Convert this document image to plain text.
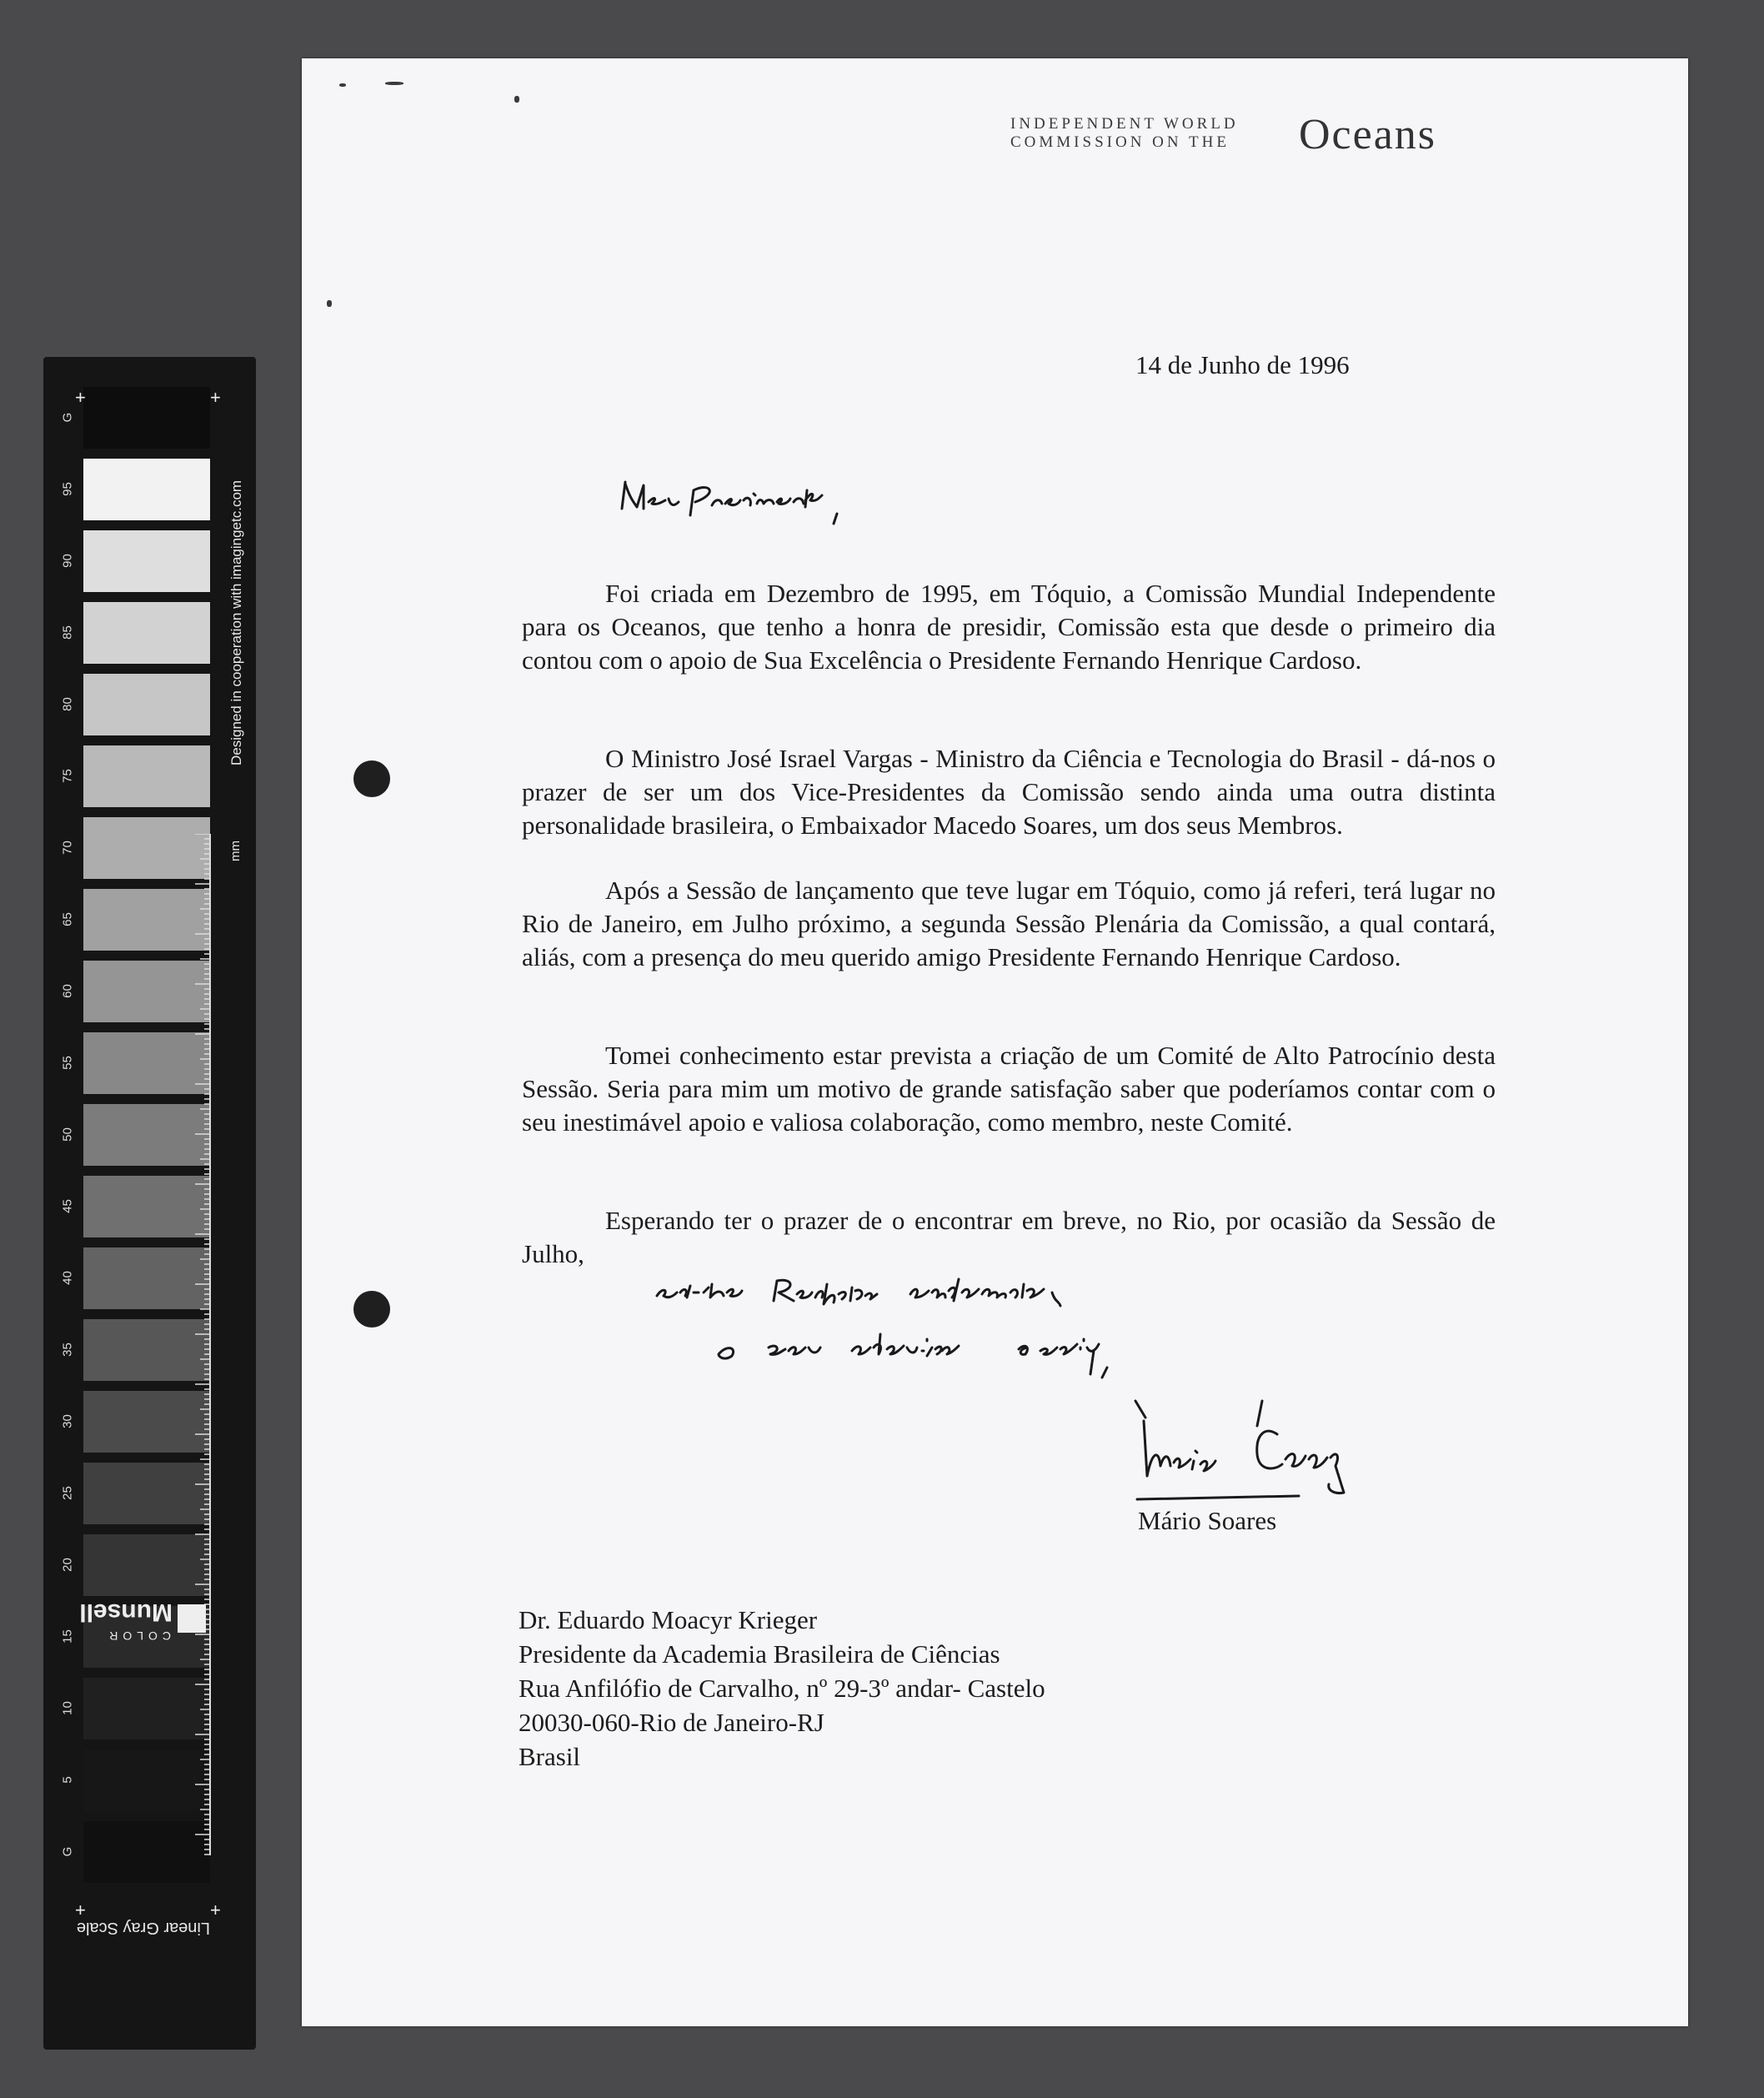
G
95
90
85
80
75
70
65
60
55
50
45
40
35
30
25
20
15
10
5
G
+	+
+	+
Designed in cooperation with imagingetc.com
mm
Linear Gray Scale
Munsell
COLOR
INDEPENDENT WORLD
COMMISSION ON THE Oceans
14 de Junho de 1996
Foi criada em Dezembro de 1995, em Tóquio, a Comissão Mundial Independente para os Oceanos, que tenho a honra de presidir, Comissão esta que desde o primeiro dia contou com o apoio de Sua Excelência o Presidente Fernando Henrique Cardoso.
O Ministro José Israel Vargas - Ministro da Ciência e Tecnologia do Brasil - dá-nos o prazer de ser um dos Vice-Presidentes da Comissão sendo ainda uma outra distinta personalidade brasileira, o Embaixador Macedo Soares, um dos seus Membros.
Após a Sessão de lançamento que teve lugar em Tóquio, como já referi, terá lugar no Rio de Janeiro, em Julho próximo, a segunda Sessão Plenária da Comissão, a qual contará, aliás, com a presença do meu querido amigo Presidente Fernando Henrique Cardoso.
Tomei conhecimento estar prevista a criação de um Comité de Alto Patrocínio desta Sessão. Seria para mim um motivo de grande satisfação saber que poderíamos contar com o seu inestimável apoio e valiosa colaboração, como membro, neste Comité.
Esperando ter o prazer de o encontrar em breve, no Rio, por ocasião da Sessão de Julho,
Mário Soares
Dr. Eduardo Moacyr Krieger
Presidente da Academia Brasileira de Ciências
Rua Anfilófio de Carvalho, nº 29-3º andar- Castelo
20030-060-Rio de Janeiro-RJ
Brasil
